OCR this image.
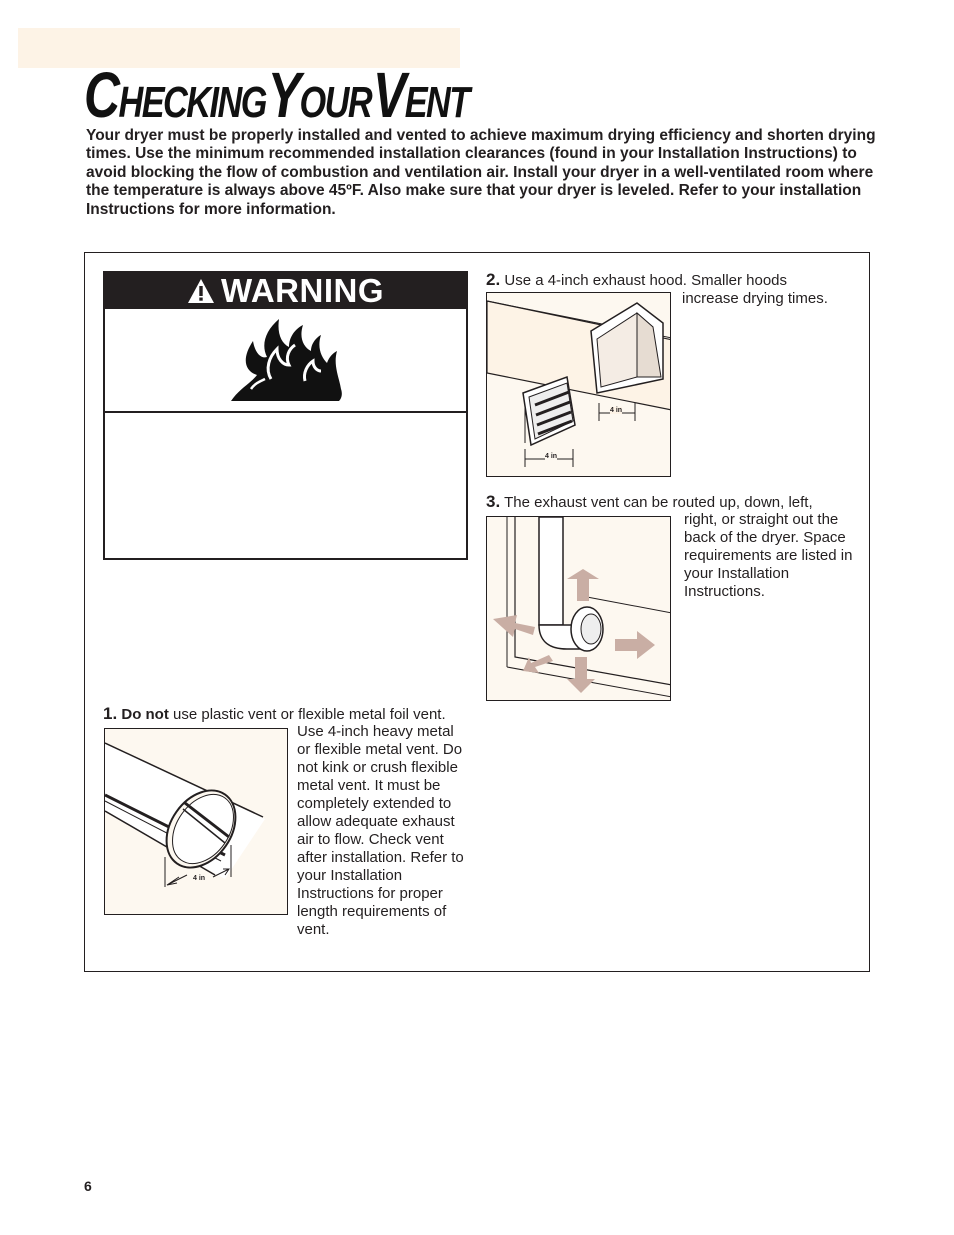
CHECKING YOUR VENT

Your dryer must be properly installed and vented to achieve maximum drying efficiency and shorten drying times. Use the minimum recommended installation clearances (found in your Installation Instructions) to avoid blocking the flow of combustion and ventilation air. Install your dryer in a well-ventilated room where the temperature is always above 45ºF. Also make sure that your dryer is leveled. Refer to your installation Instructions for more information.

WARNING	2. Use a 4-inch exhaust hood. Smaller hoods
increase drying times.
4 in
4 in
3. The exhaust vent can be routed up, down, left,
right, or straight out the back of the dryer. Space requirements are listed in your Installation Instructions.
1. Do not use plastic vent or flexible metal foil vent.
Use 4-inch heavy metal or flexible metal vent. Do not kink or crush flexible metal vent. It must be completely extended to allow adequate exhaust air to flow. Check vent after installation. Refer to your Installation Instructions for proper length requirements of vent.
4 in
6
